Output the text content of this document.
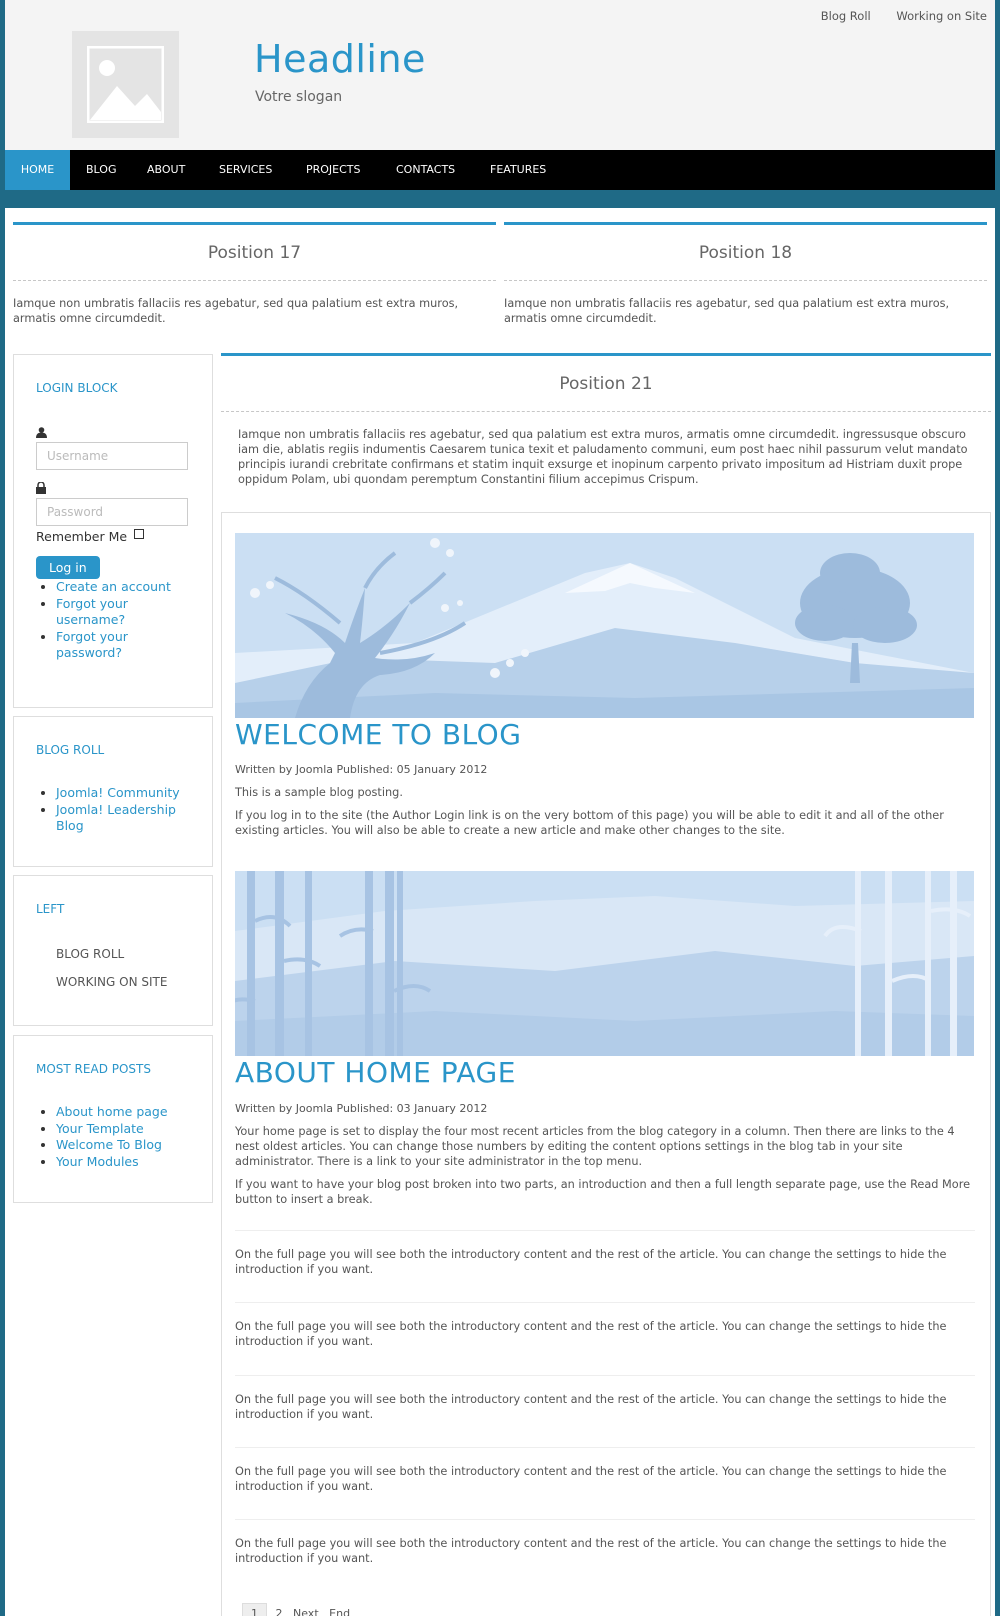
Headline
Votre slogan
Blog Roll Working on Site
HOME	BLOG	ABOUT	SERVICES	PROJECTS	CONTACTS	FEATURES
Position 17
Iamque non umbratis fallaciis res agebatur, sed qua palatium est extra muros, armatis omne circumdedit.
Position 18
Iamque non umbratis fallaciis res agebatur, sed qua palatium est extra muros, armatis omne circumdedit.
Position 21
Iamque non umbratis fallaciis res agebatur, sed qua palatium est extra muros, armatis omne circumdedit. ingressusque obscuro iam die, ablatis regiis indumentis Caesarem tunica texit et paludamento communi, eum post haec nihil passurum velut mandato principis iurandi crebritate confirmans et statim inquit exsurge et inopinum carpento privato impositum ad Histriam duxit prope oppidum Polam, ubi quondam peremptum Constantini filium accepimus Crispum.
LOGIN BLOCK
Username
Password
Remember Me
Log in
• Create an account
• Forgot your username?
• Forgot your password?
BLOG ROLL
• Joomla! Community
• Joomla! Leadership Blog
LEFT
BLOG ROLL
WORKING ON SITE
MOST READ POSTS
• About home page
• Your Template
• Welcome To Blog
• Your Modules
WELCOME TO BLOG
Written by Joomla Published: 05 January 2012
This is a sample blog posting.
If you log in to the site (the Author Login link is on the very bottom of this page) you will be able to edit it and all of the other existing articles. You will also be able to create a new article and make other changes to the site.
ABOUT HOME PAGE
Written by Joomla Published: 03 January 2012
Your home page is set to display the four most recent articles from the blog category in a column. Then there are links to the 4 nest oldest articles. You can change those numbers by editing the content options settings in the blog tab in your site administrator. There is a link to your site administrator in the top menu.
If you want to have your blog post broken into two parts, an introduction and then a full length separate page, use the Read More button to insert a break.
On the full page you will see both the introductory content and the rest of the article. You can change the settings to hide the introduction if you want.
On the full page you will see both the introductory content and the rest of the article. You can change the settings to hide the introduction if you want.
On the full page you will see both the introductory content and the rest of the article. You can change the settings to hide the introduction if you want.
On the full page you will see both the introductory content and the rest of the article. You can change the settings to hide the introduction if you want.
On the full page you will see both the introductory content and the rest of the article. You can change the settings to hide the introduction if you want.
1 2 Next End
